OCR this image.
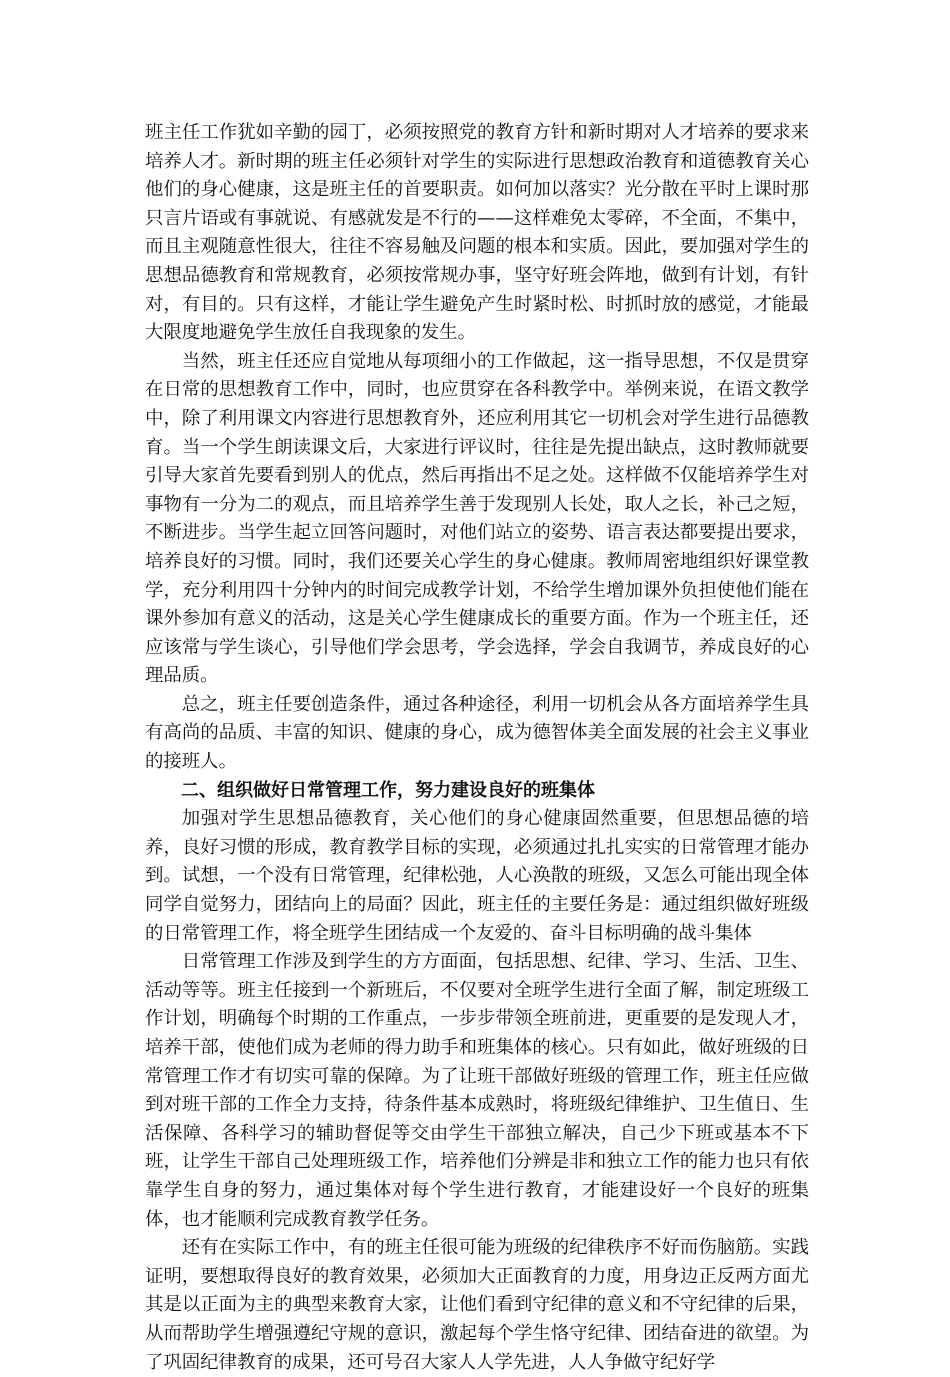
班主任工作犹如辛勤的园丁，必须按照党的教育方针和新时期对人才培养的要求来培养人才。新时期的班主任必须针对学生的实际进行思想政治教育和道德教育关心他们的身心健康，这是班主任的首要职责。如何加以落实？光分散在平时上课时那只言片语或有事就说、有感就发是不行的——这样难免太零碎，不全面，不集中，而且主观随意性很大，往往不容易触及问题的根本和实质。因此，要加强对学生的思想品德教育和常规教育，必须按常规办事，坚守好班会阵地，做到有计划，有针对，有目的。只有这样，才能让学生避免产生时紧时松、时抓时放的感觉，才能最大限度地避免学生放任自我现象的发生。

当然，班主任还应自觉地从每项细小的工作做起，这一指导思想，不仅是贯穿在日常的思想教育工作中，同时，也应贯穿在各科教学中。举例来说，在语文教学中，除了利用课文内容进行思想教育外，还应利用其它一切机会对学生进行品德教育。当一个学生朗读课文后，大家进行评议时，往往是先提出缺点，这时教师就要引导大家首先要看到别人的优点，然后再指出不足之处。这样做不仅能培养学生对事物有一分为二的观点，而且培养学生善于发现别人长处，取人之长，补己之短，不断进步。当学生起立回答问题时，对他们站立的姿势、语言表达都要提出要求，培养良好的习惯。同时，我们还要关心学生的身心健康。教师周密地组织好课堂教学，充分利用四十分钟内的时间完成教学计划，不给学生增加课外负担使他们能在课外参加有意义的活动，这是关心学生健康成长的重要方面。作为一个班主任，还应该常与学生谈心，引导他们学会思考，学会选择，学会自我调节，养成良好的心理品质。

总之，班主任要创造条件，通过各种途径，利用一切机会从各方面培养学生具有高尚的品质、丰富的知识、健康的身心，成为德智体美全面发展的社会主义事业的接班人。

二、组织做好日常管理工作，努力建设良好的班集体

加强对学生思想品德教育，关心他们的身心健康固然重要，但思想品德的培养，良好习惯的形成，教育教学目标的实现，必须通过扎扎实实的日常管理才能办到。试想，一个没有日常管理，纪律松弛，人心涣散的班级，又怎么可能出现全体同学自觉努力，团结向上的局面？因此，班主任的主要任务是：通过组织做好班级的日常管理工作，将全班学生团结成一个友爱的、奋斗目标明确的战斗集体

日常管理工作涉及到学生的方方面面，包括思想、纪律、学习、生活、卫生、活动等等。班主任接到一个新班后，不仅要对全班学生进行全面了解，制定班级工作计划，明确每个时期的工作重点，一步步带领全班前进，更重要的是发现人才，培养干部，使他们成为老师的得力助手和班集体的核心。只有如此，做好班级的日常管理工作才有切实可靠的保障。为了让班干部做好班级的管理工作，班主任应做到对班干部的工作全力支持，待条件基本成熟时，将班级纪律维护、卫生值日、生活保障、各科学习的辅助督促等交由学生干部独立解决，自己少下班或基本不下班，让学生干部自己处理班级工作，培养他们分辨是非和独立工作的能力也只有依靠学生自身的努力，通过集体对每个学生进行教育，才能建设好一个良好的班集体，也才能顺利完成教育教学任务。

还有在实际工作中，有的班主任很可能为班级的纪律秩序不好而伤脑筋。实践证明，要想取得良好的教育效果，必须加大正面教育的力度，用身边正反两方面尤其是以正面为主的典型来教育大家，让他们看到守纪律的意义和不守纪律的后果，从而帮助学生增强遵纪守规的意识，激起每个学生恪守纪律、团结奋进的欲望。为了巩固纪律教育的成果，还可号召大家人人学先进，人人争做守纪好学
